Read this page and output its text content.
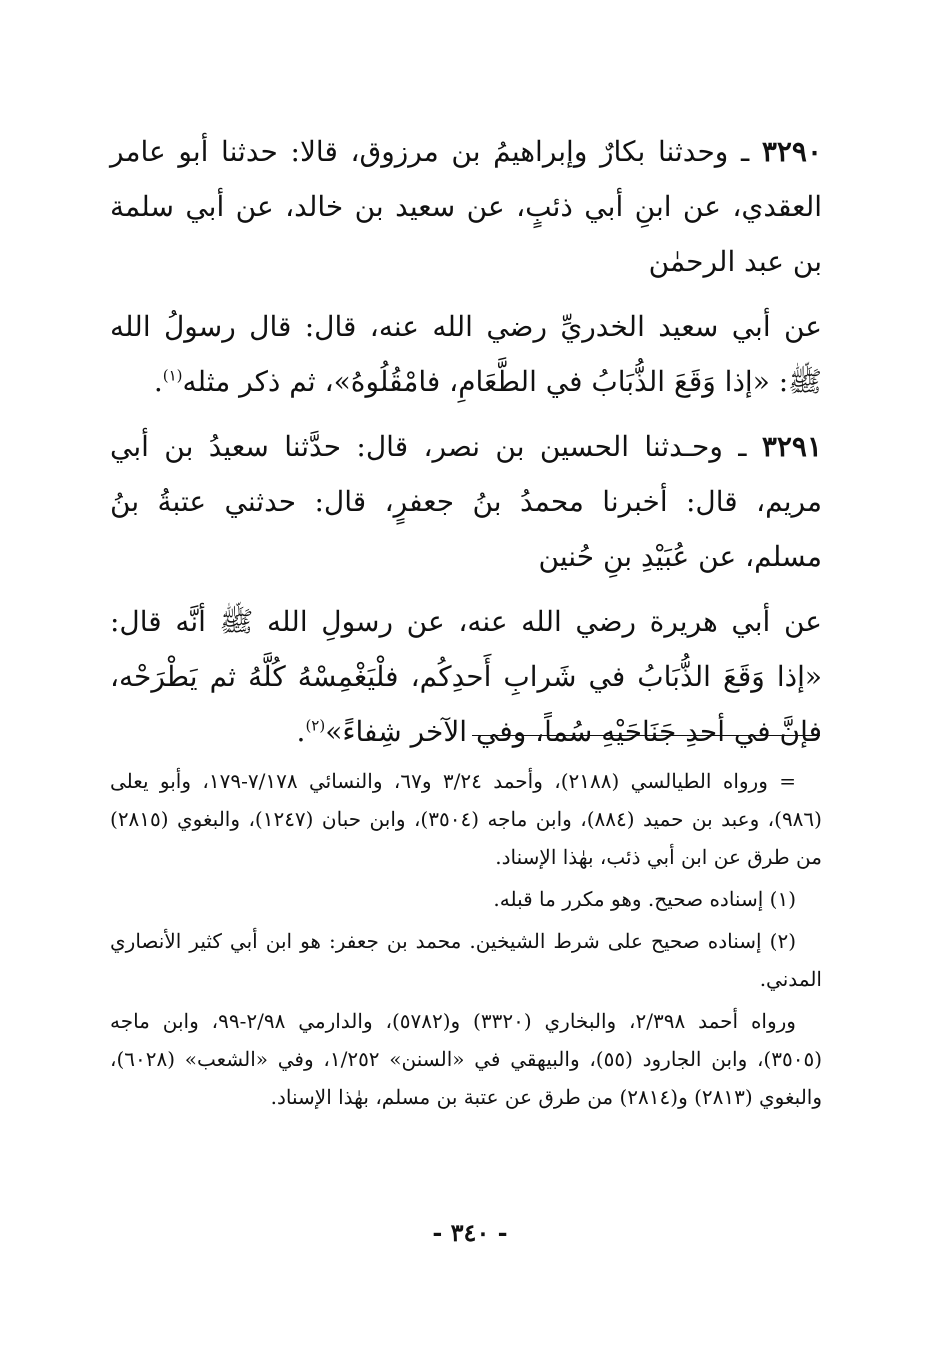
٣٢٩٠ ـ وحدثنا بكارٌ وإبراهيمُ بن مرزوق، قالا: حدثنا أبو عامر العقدي، عن ابنِ أبي ذئبٍ، عن سعيد بن خالد، عن أبي سلمة بن عبد الرحمٰن

عن أبي سعيد الخدريِّ رضي الله عنه، قال: قال رسولُ الله ﷺ: «إذا وَقَعَ الذُّبَابُ في الطَّعَامِ، فامْقُلُوهُ»، ثم ذكر مثله$^{(١)}$.

٣٢٩١ ـ وحـدثنا الحسين بن نصر، قال: حدَّثنا سعيدُ بن أبي مريم، قال: أخبرنا محمدُ بنُ جعفرٍ، قال: حدثني عتبةُ بنُ مسلم، عن عُبَيْدِ بنِ حُنين

عن أبي هريرة رضي الله عنه، عن رسولِ الله ﷺ أنَّه قال: «إذا وَقَعَ الذُّبَابُ في شَرابِ أَحدِكُم، فلْيَغْمِسْهُ كُلَّهُ ثم يَطْرَحْه، فإنَّ في أحدِ جَنَاحَيْهِ سُماً، وفي الآخر شِفاءً»$^{(٢)}$.

= ورواه الطيالسي (٢١٨٨)، وأحمد ٣/٢٤ و٦٧، والنسائي ٧/١٧٨-١٧٩، وأبو يعلى (٩٨٦)، وعبد بن حميد (٨٨٤)، وابن ماجه (٣٥٠٤)، وابن حبان (١٢٤٧)، والبغوي (٢٨١٥) من طرق عن ابن أبي ذئب، بهٰذا الإسناد.

(١) إسناده صحيح. وهو مكرر ما قبله.

(٢) إسناده صحيح على شرط الشيخين. محمد بن جعفر: هو ابن أبي كثير الأنصاري المدني.

ورواه أحمد ٢/٣٩٨، والبخاري (٣٣٢٠) و(٥٧٨٢)، والدارمي ٢/٩٨-٩٩، وابن ماجه (٣٥٠٥)، وابن الجارود (٥٥)، والبيهقي في «السنن» ١/٢٥٢، وفي «الشعب» (٦٠٢٨)، والبغوي (٢٨١٣) و(٢٨١٤) من طرق عن عتبة بن مسلم، بهٰذا الإسناد.

- ٣٤٠ -
